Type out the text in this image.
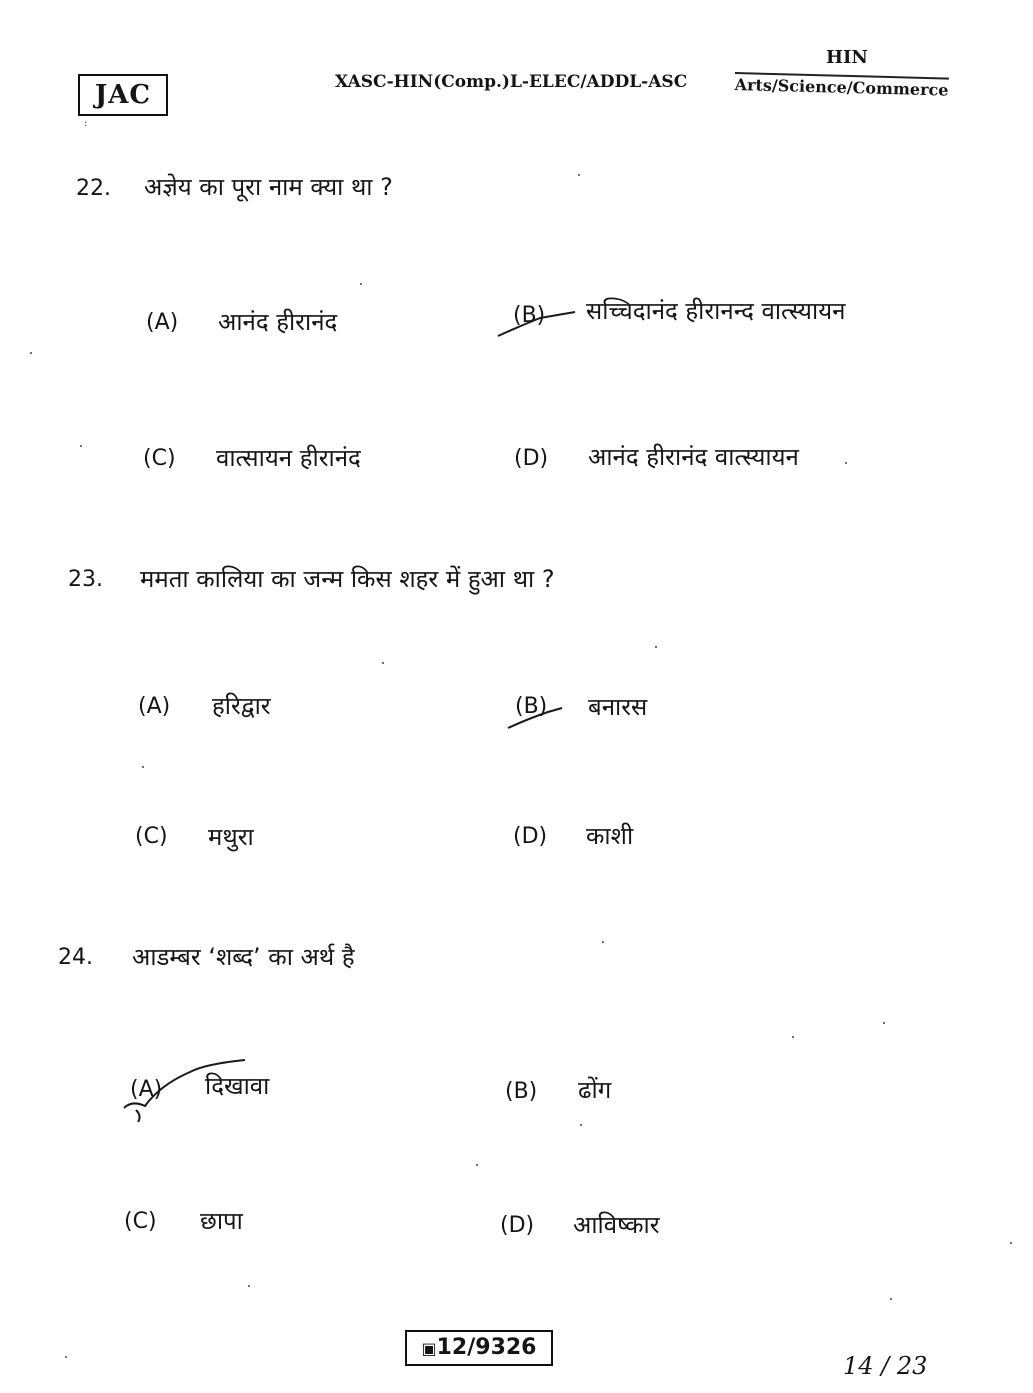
JAC
:
XASC-HIN(Comp.)L-ELEC/ADDL-ASC
HIN
Arts/Science/Commerce
22. अज्ञेय का पूरा नाम क्या था ?
(A) आनंद हीरानंद	(B) सच्चिदानंद हीरानन्द वात्स्यायन
(C) वात्सायन हीरानंद	(D) आनंद हीरानंद वात्स्यायन
23. ममता कालिया का जन्म किस शहर में हुआ था ?
(A) हरिद्वार	(B) बनारस
(C) मथुरा	(D) काशी
24. आडम्बर ‘शब्द’ का अर्थ है
(A) दिखावा	(B) ढोंग
(C) छापा	(D) आविष्कार
▣12/9326
14 / 23
